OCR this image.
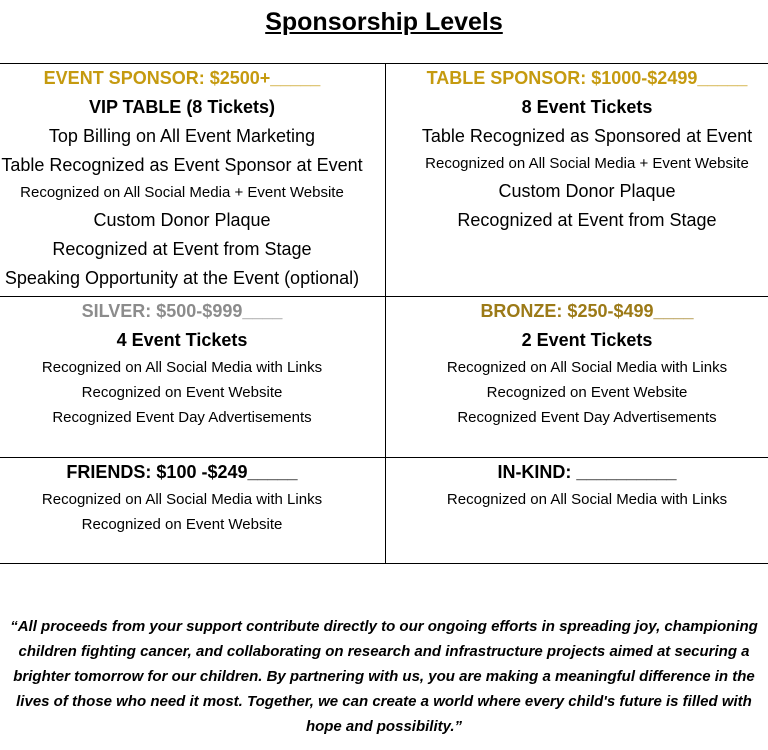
Sponsorship Levels
EVENT SPONSOR: $2500+_____
VIP TABLE (8 Tickets)
Top Billing on All Event Marketing
Table Recognized as Event Sponsor at Event
Recognized on All Social Media + Event Website
Custom Donor Plaque
Recognized at Event from Stage
Speaking Opportunity at the Event (optional)
TABLE SPONSOR: $1000-$2499_____
8 Event Tickets
Table Recognized as Sponsored at Event
Recognized on All Social Media + Event Website
Custom Donor Plaque
Recognized at Event from Stage
SILVER: $500-$999____
4 Event Tickets
Recognized on All Social Media with Links
Recognized on Event Website
Recognized Event Day Advertisements
BRONZE: $250-$499____
2 Event Tickets
Recognized on All Social Media with Links
Recognized on Event Website
Recognized Event Day Advertisements
FRIENDS: $100 -$249_____
Recognized on All Social Media with Links
Recognized on Event Website
IN-KIND: __________
Recognized on All Social Media with Links
“All proceeds from your support contribute directly to our ongoing efforts in spreading joy, championing
children fighting cancer, and collaborating on research and infrastructure projects aimed at securing a
brighter tomorrow for our children. By partnering with us, you are making a meaningful difference in the
lives of those who need it most. Together, we can create a world where every child's future is filled with
hope and possibility.”
